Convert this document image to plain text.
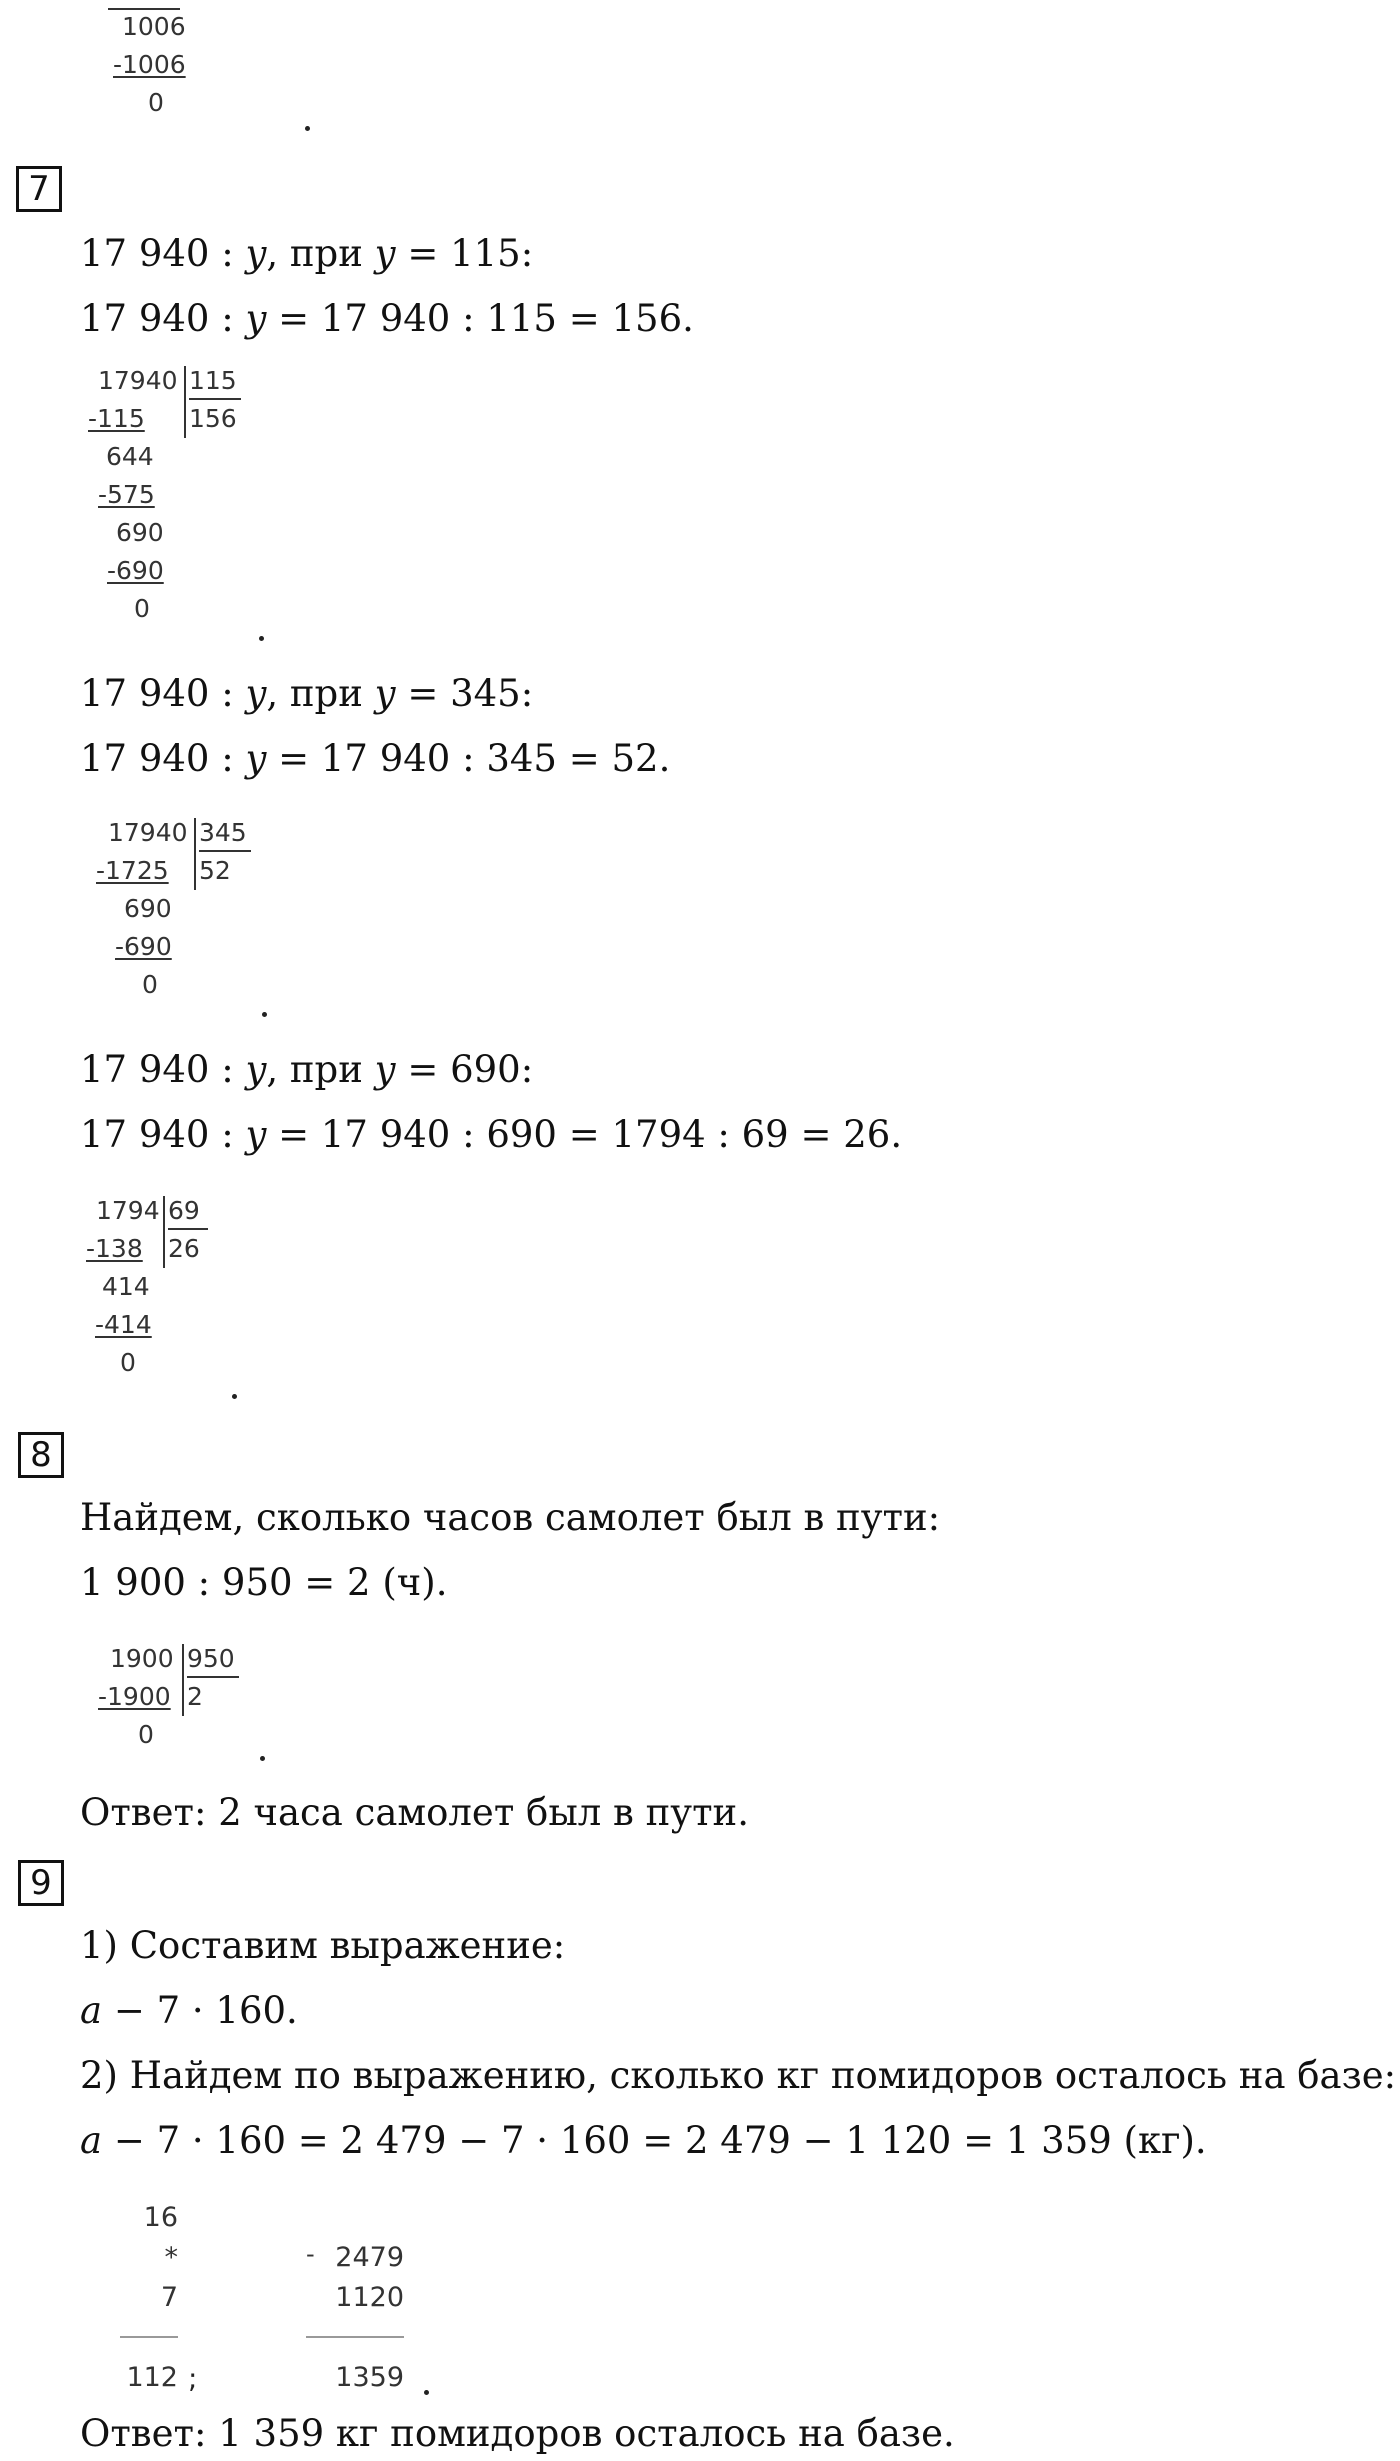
1006
-1006
0
7
17 940 : y, при y = 115:
17 940 : y = 17 940 : 115 = 156.
17940 115
156
-115
644
-575
690
-690
0
17 940 : y, при y = 345:
17 940 : y = 17 940 : 345 = 52.
17940 345
52
-1725
690
-690
0
17 940 : y, при y = 690:
17 940 : y = 17 940 : 690 = 1794 : 69 = 26.
1794 69
26
-138
414
-414
0
8
Найдем, сколько часов самолет был в пути:
1 900 : 950 = 2 (ч).
1900 950
2
-1900
0
Ответ: 2 часа самолет был в пути.
9
1) Составим выражение:
a − 7 · 160.
2) Найдем по выражению, сколько кг помидоров осталось на базе:
a − 7 · 160 = 2 479 − 7 · 160 = 2 479 − 1 120 = 1 359 (кг).
16
*
7
112 ;
- 2479
1120
1359
Ответ: 1 359 кг помидоров осталось на базе.
